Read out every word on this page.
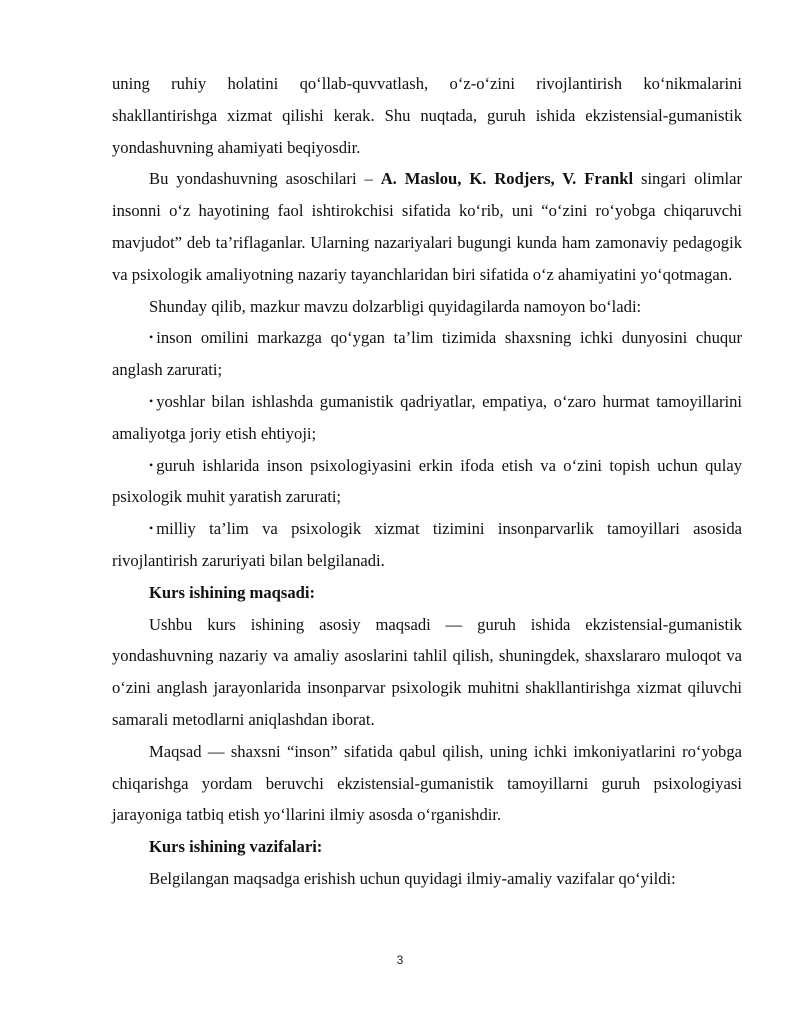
uning ruhiy holatini qo‘llab-quvvatlash, o‘z-o‘zini rivojlantirish ko‘nikmalarini shakllantirishga xizmat qilishi kerak. Shu nuqtada, guruh ishida ekzistensial-gumanistik yondashuvning ahamiyati beqiyosdir.

Bu yondashuvning asoschilari – A. Maslou, K. Rodjers, V. Frankl singari olimlar insonni o‘z hayotining faol ishtirokchisi sifatida ko‘rib, uni “o‘zini ro‘yobga chiqaruvchi mavjudot” deb ta’riflaganlar. Ularning nazariyalari bugungi kunda ham zamonaviy pedagogik va psixologik amaliyotning nazariy tayanchlaridan biri sifatida o‘z ahamiyatini yo‘qotmagan.

Shunday qilib, mazkur mavzu dolzarbligi quyidagilarda namoyon bo‘ladi:

• inson omilini markazga qo‘ygan ta’lim tizimida shaxsning ichki dunyosini chuqur anglash zarurati;

• yoshlar bilan ishlashda gumanistik qadriyatlar, empatiya, o‘zaro hurmat tamoyillarini amaliyotga joriy etish ehtiyoji;

• guruh ishlarida inson psixologiyasini erkin ifoda etish va o‘zini topish uchun qulay psixologik muhit yaratish zarurati;

• milliy ta’lim va psixologik xizmat tizimini insonparvarlik tamoyillari asosida rivojlantirish zaruriyati bilan belgilanadi.

Kurs ishining maqsadi:

Ushbu kurs ishining asosiy maqsadi — guruh ishida ekzistensial-gumanistik yondashuvning nazariy va amaliy asoslarini tahlil qilish, shuningdek, shaxslararo muloqot va o‘zini anglash jarayonlarida insonparvar psixologik muhitni shakllantirishga xizmat qiluvchi samarali metodlarni aniqlashdan iborat.

Maqsad — shaxsni “inson” sifatida qabul qilish, uning ichki imkoniyatlarini ro‘yobga chiqarishga yordam beruvchi ekzistensial-gumanistik tamoyillarni guruh psixologiyasi jarayoniga tatbiq etish yo‘llarini ilmiy asosda o‘rganishdir.

Kurs ishining vazifalari:

Belgilangan maqsadga erishish uchun quyidagi ilmiy-amaliy vazifalar qo‘yildi:

3
